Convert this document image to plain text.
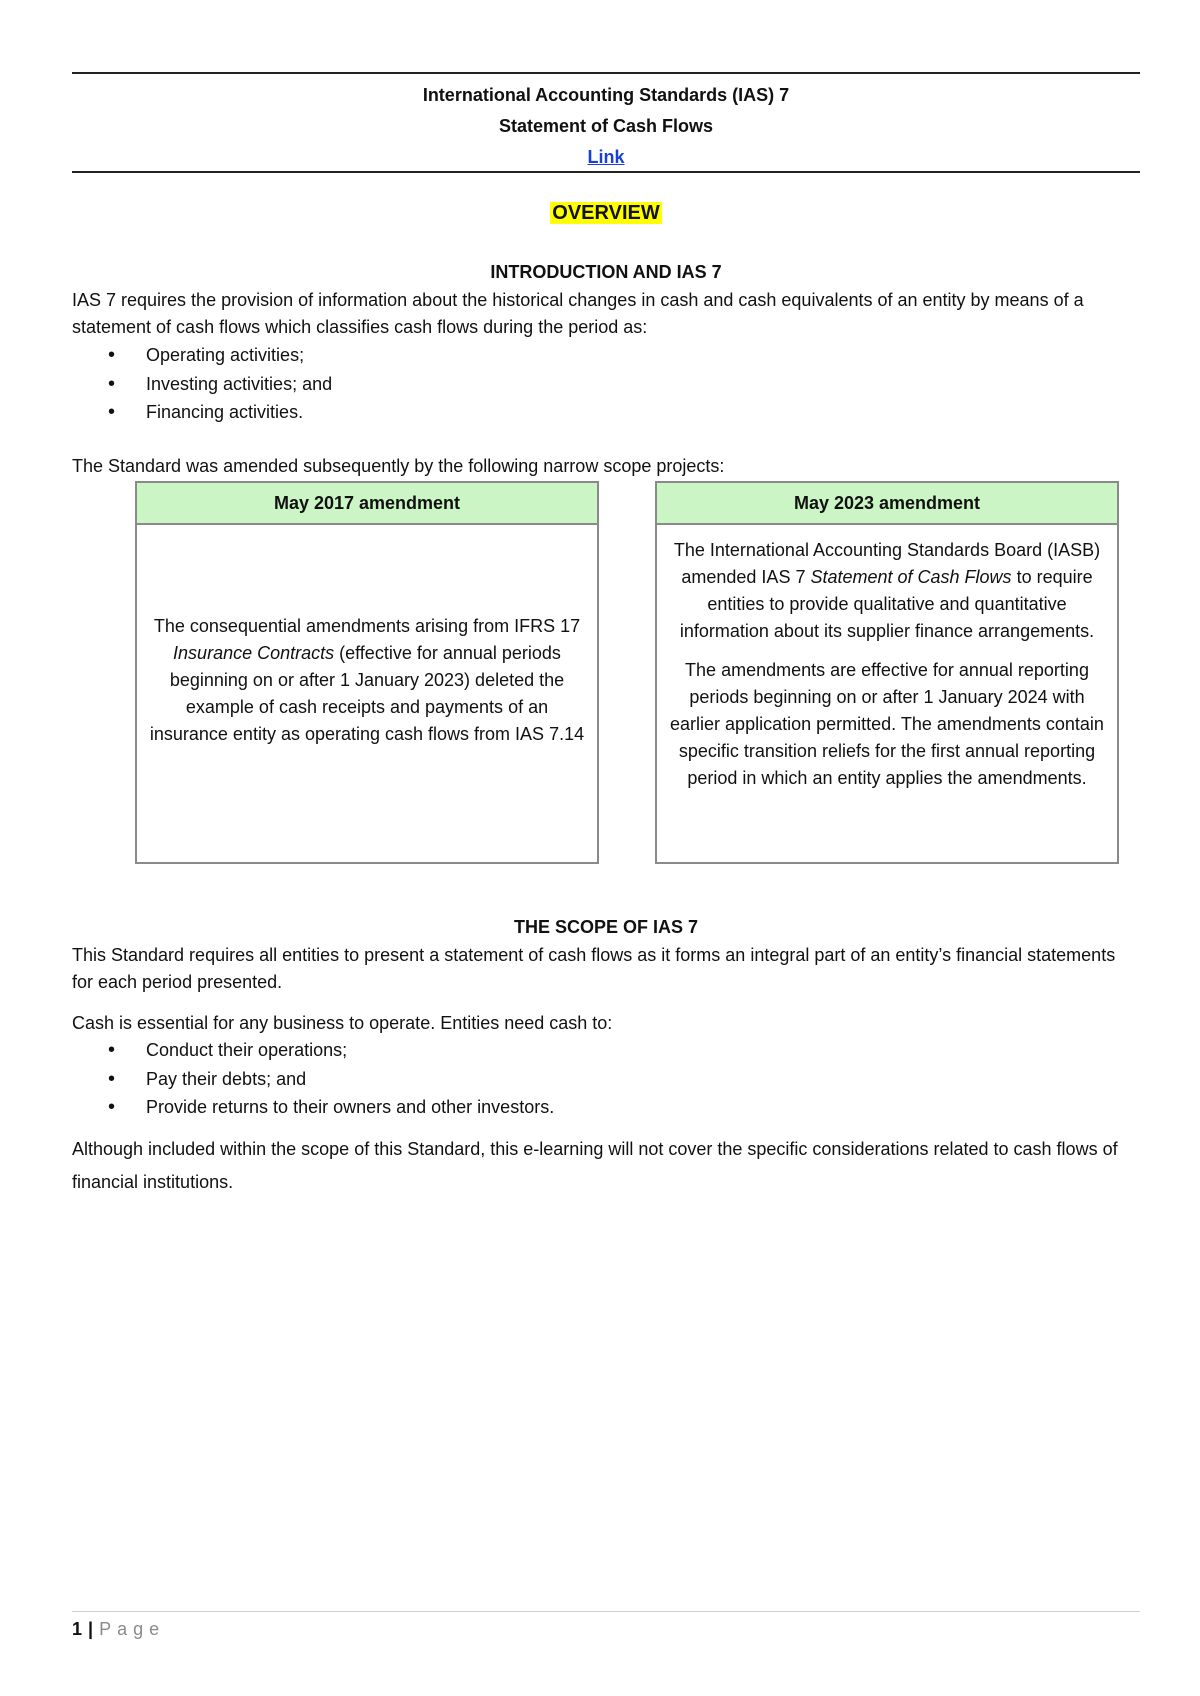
International Accounting Standards (IAS) 7
Statement of Cash Flows
Link
OVERVIEW
INTRODUCTION AND IAS 7
IAS 7 requires the provision of information about the historical changes in cash and cash equivalents of an entity by means of a statement of cash flows which classifies cash flows during the period as:
• Operating activities;
• Investing activities; and
• Financing activities.
The Standard was amended subsequently by the following narrow scope projects:
May 2017 amendment

The consequential amendments arising from IFRS 17 Insurance Contracts (effective for annual periods beginning on or after 1 January 2023) deleted the example of cash receipts and payments of an insurance entity as operating cash flows from IAS 7.14

May 2023 amendment

The International Accounting Standards Board (IASB) amended IAS 7 Statement of Cash Flows to require entities to provide qualitative and quantitative information about its supplier finance arrangements.

The amendments are effective for annual reporting periods beginning on or after 1 January 2024 with earlier application permitted. The amendments contain specific transition reliefs for the first annual reporting period in which an entity applies the amendments.

THE SCOPE OF IAS 7
This Standard requires all entities to present a statement of cash flows as it forms an integral part of an entity’s financial statements for each period presented.
Cash is essential for any business to operate. Entities need cash to:
• Conduct their operations;
• Pay their debts; and
• Provide returns to their owners and other investors.
Although included within the scope of this Standard, this e-learning will not cover the specific considerations related to cash flows of financial institutions.
1 | Page
